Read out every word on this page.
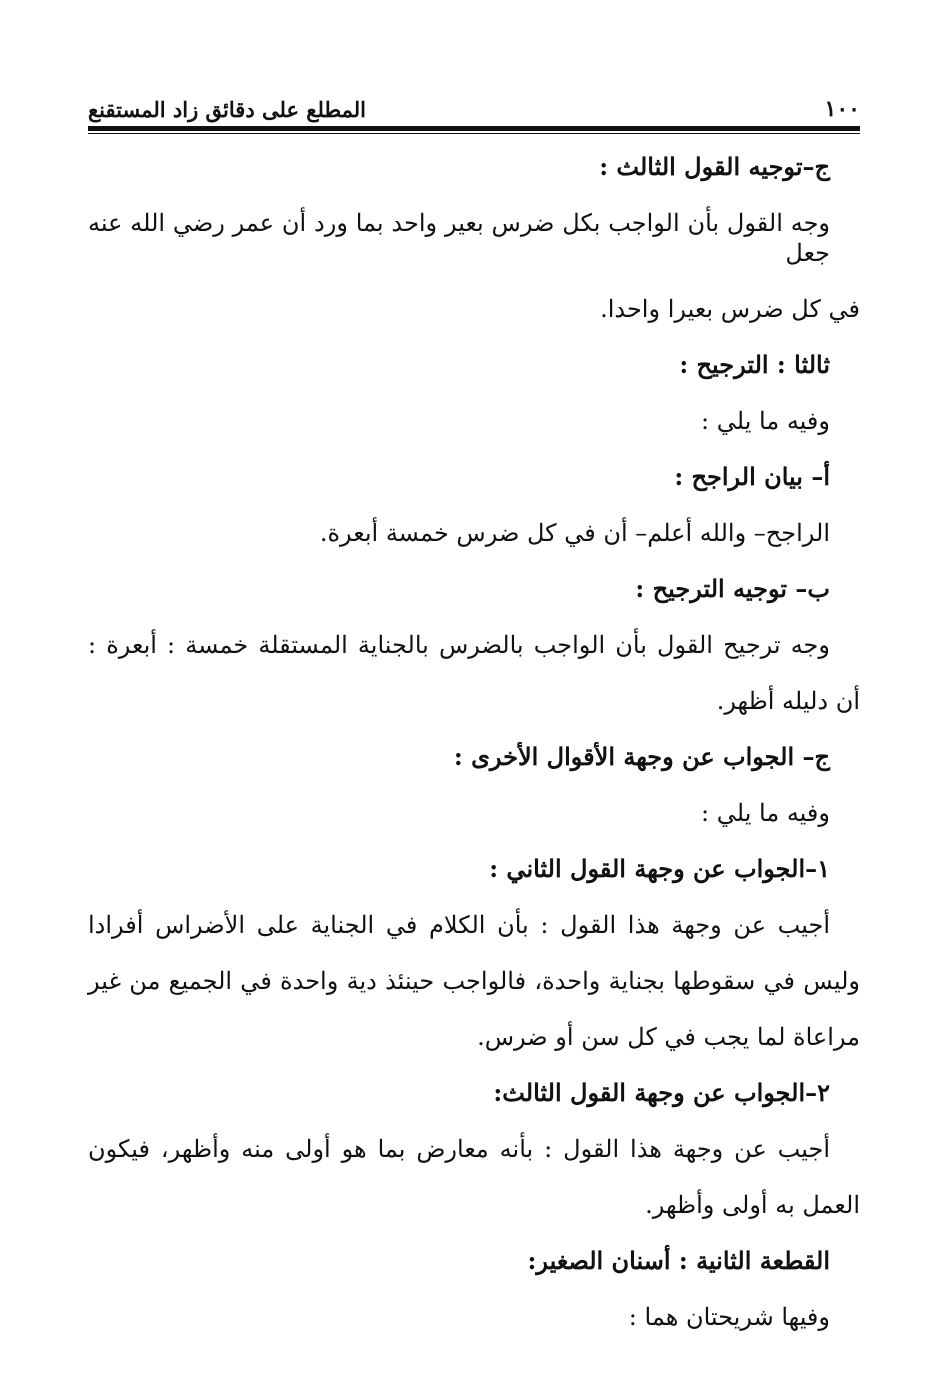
١٠٠
المطلع على دقائق زاد المستقنع
ج–توجيه القول الثالث :
وجه القول بأن الواجب بكل ضرس بعير واحد بما ورد أن عمر رضي الله عنه جعل
في كل ضرس بعيرا واحدا.
ثالثا : الترجيح :
وفيه ما يلي :
أ– بيان الراجح :
الراجح– والله أعلم– أن في كل ضرس خمسة أبعرة.
ب– توجيه الترجيح :
وجه ترجيح القول بأن الواجب بالضرس بالجناية المستقلة خمسة : أبعرة :
أن دليله أظهر.
ج– الجواب عن وجهة الأقوال الأخرى :
وفيه ما يلي :
١–الجواب عن وجهة القول الثاني :
أجيب عن وجهة هذا القول : بأن الكلام في الجناية على الأضراس أفرادا
وليس في سقوطها بجناية واحدة، فالواجب حينئذ دية واحدة في الجميع من غير
مراعاة لما يجب في كل سن أو ضرس.
٢–الجواب عن وجهة القول الثالث:
أجيب عن وجهة هذا القول : بأنه معارض بما هو أولى منه وأظهر، فيكون
العمل به أولى وأظهر.
القطعة الثانية : أسنان الصغير:
وفيها شريحتان هما :
